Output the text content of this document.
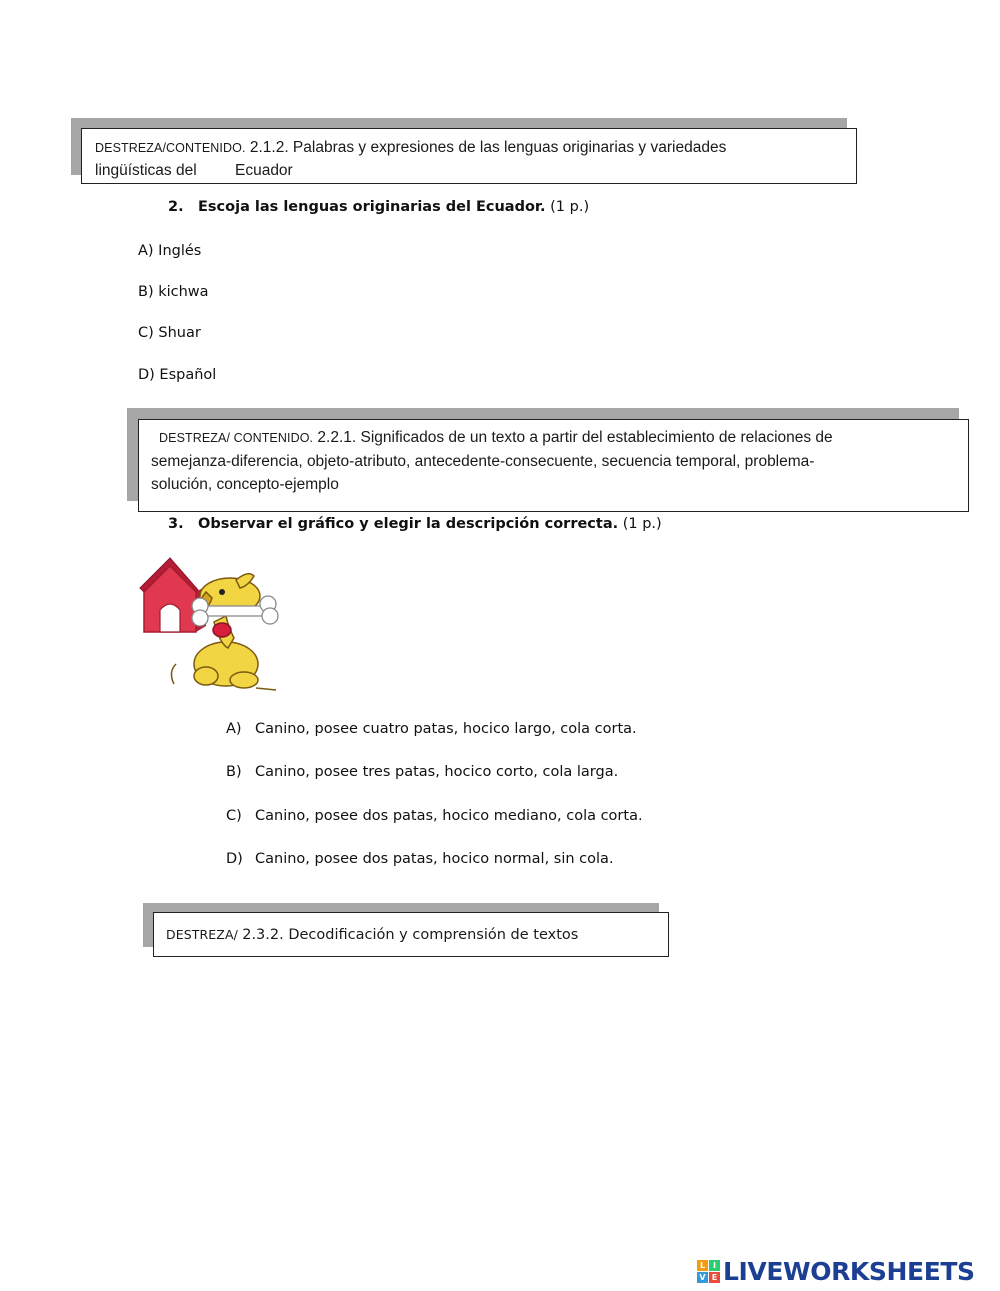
DESTREZA/CONTENIDO. 2.1.2. Palabras y expresiones de las lenguas originarias y variedades
lingüísticas del Ecuador
2. Escoja las lenguas originarias del Ecuador. (1 p.)
A) Inglés
B) kichwa
C) Shuar
D) Español
DESTREZA/ CONTENIDO. 2.2.1. Significados de un texto a partir del establecimiento de relaciones de
semejanza-diferencia, objeto-atributo, antecedente-consecuente, secuencia temporal, problema-
solución, concepto-ejemplo
3. Observar el gráfico y elegir la descripción correcta. (1 p.)
A) Canino, posee cuatro patas, hocico largo, cola corta.
B) Canino, posee tres patas, hocico corto, cola larga.
C) Canino, posee dos patas, hocico mediano, cola corta.
D) Canino, posee dos patas, hocico normal, sin cola.
DESTREZA/ 2.3.2. Decodificación y comprensión de textos
L I
V E LIVEWORKSHEETS
